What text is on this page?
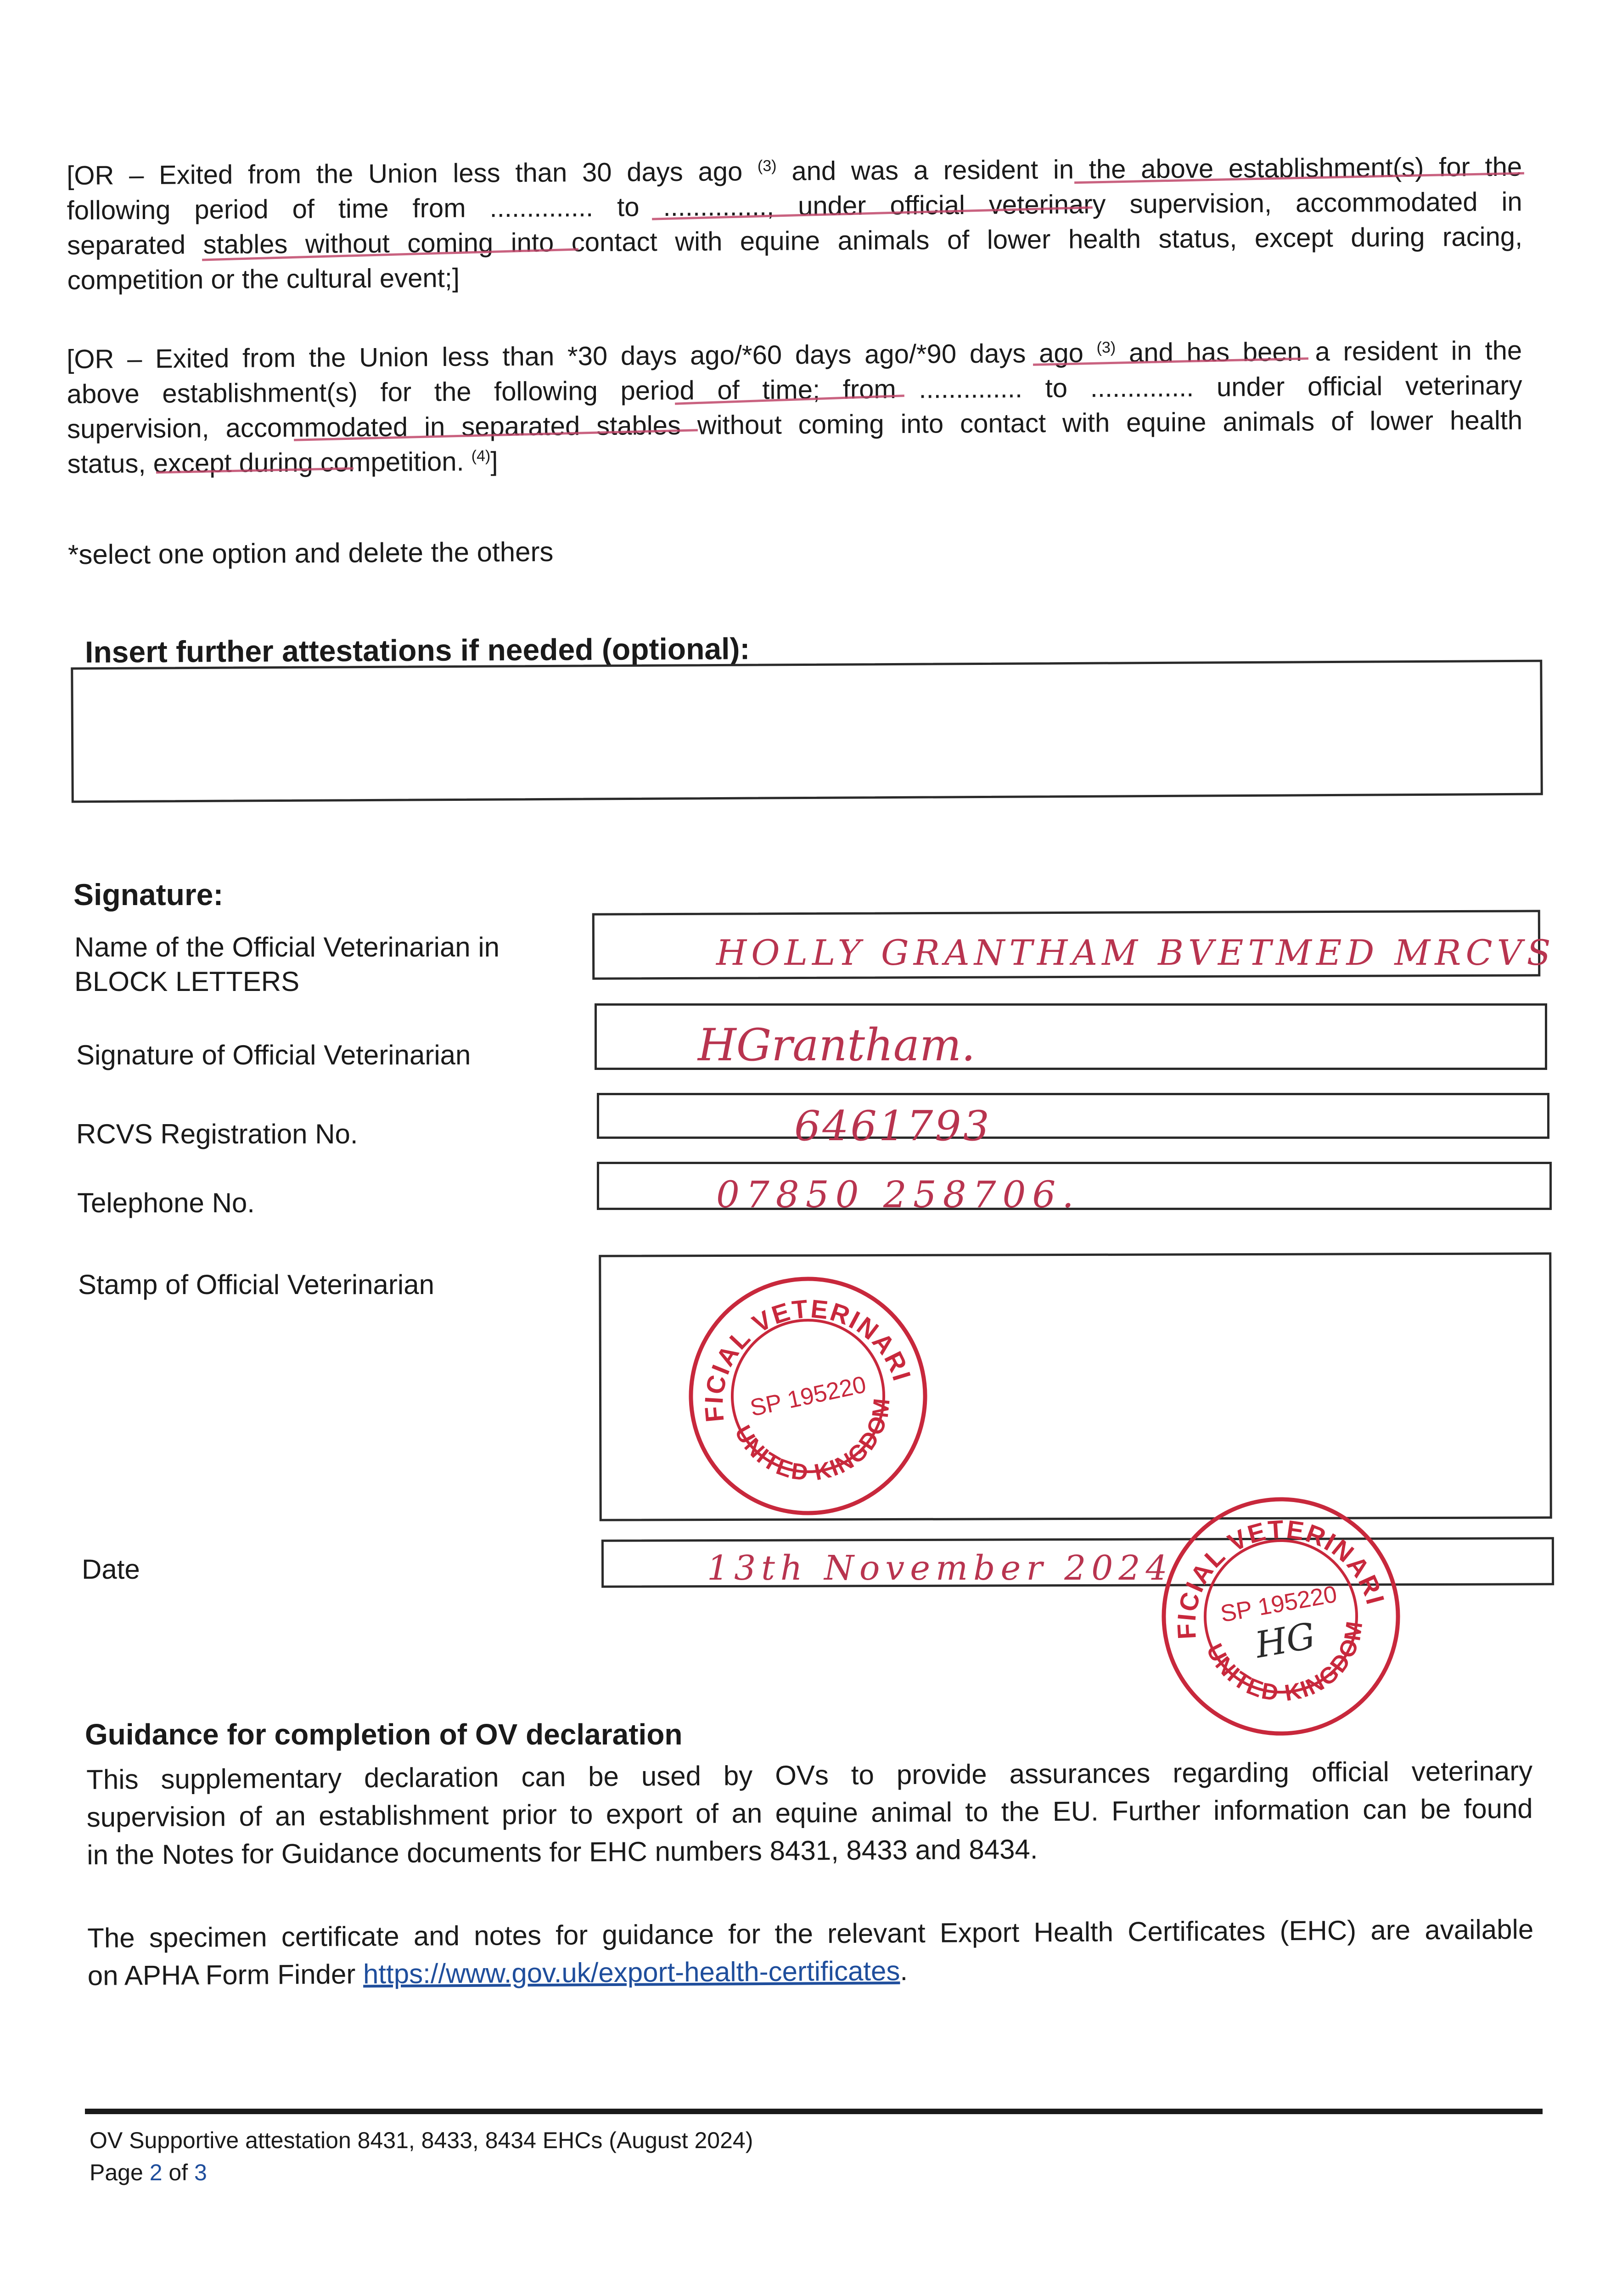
[OR – Exited from the Union less than 30 days ago $^{(3)}$ and was a resident in the above establishment(s) for the
following period of time from .............. to .............., under official veterinary supervision, accommodated in
separated stables without coming into contact with equine animals of lower health status, except during racing,
competition or the cultural event;]
[OR – Exited from the Union less than *30 days ago/*60 days ago/*90 days ago $^{(3)}$ and has been a resident in the
above establishment(s) for the following period of time; from .............. to .............. under official veterinary
supervision, accommodated in separated stables without coming into contact with equine animals of lower health
status, except during competition. $^{(4)}$]
*select one option and delete the others
Insert further attestations if needed (optional):
Signature:
Name of the Official Veterinarian in
BLOCK LETTERS
HOLLY GRANTHAM BVETMED MRCVS
Signature of Official Veterinarian	HGrantham.
RCVS Registration No.	6461793
Telephone No.	07850 258706.
Stamp of Official Veterinarian	OFFICIAL VETERINARIAN
SP 195220
UNITED KINGDOM
Date	13th November 2024
OFFICIAL VETERINARIAN
SP 195220
HG
UNITED KINGDOM
Guidance for completion of OV declaration
This supplementary declaration can be used by OVs to provide assurances regarding official veterinary
supervision of an establishment prior to export of an equine animal to the EU. Further information can be found
in the Notes for Guidance documents for EHC numbers 8431, 8433 and 8434.
The specimen certificate and notes for guidance for the relevant Export Health Certificates (EHC) are available
on APHA Form Finder https://www.gov.uk/export-health-certificates.
OV Supportive attestation 8431, 8433, 8434 EHCs (August 2024)
Page 2 of 3
